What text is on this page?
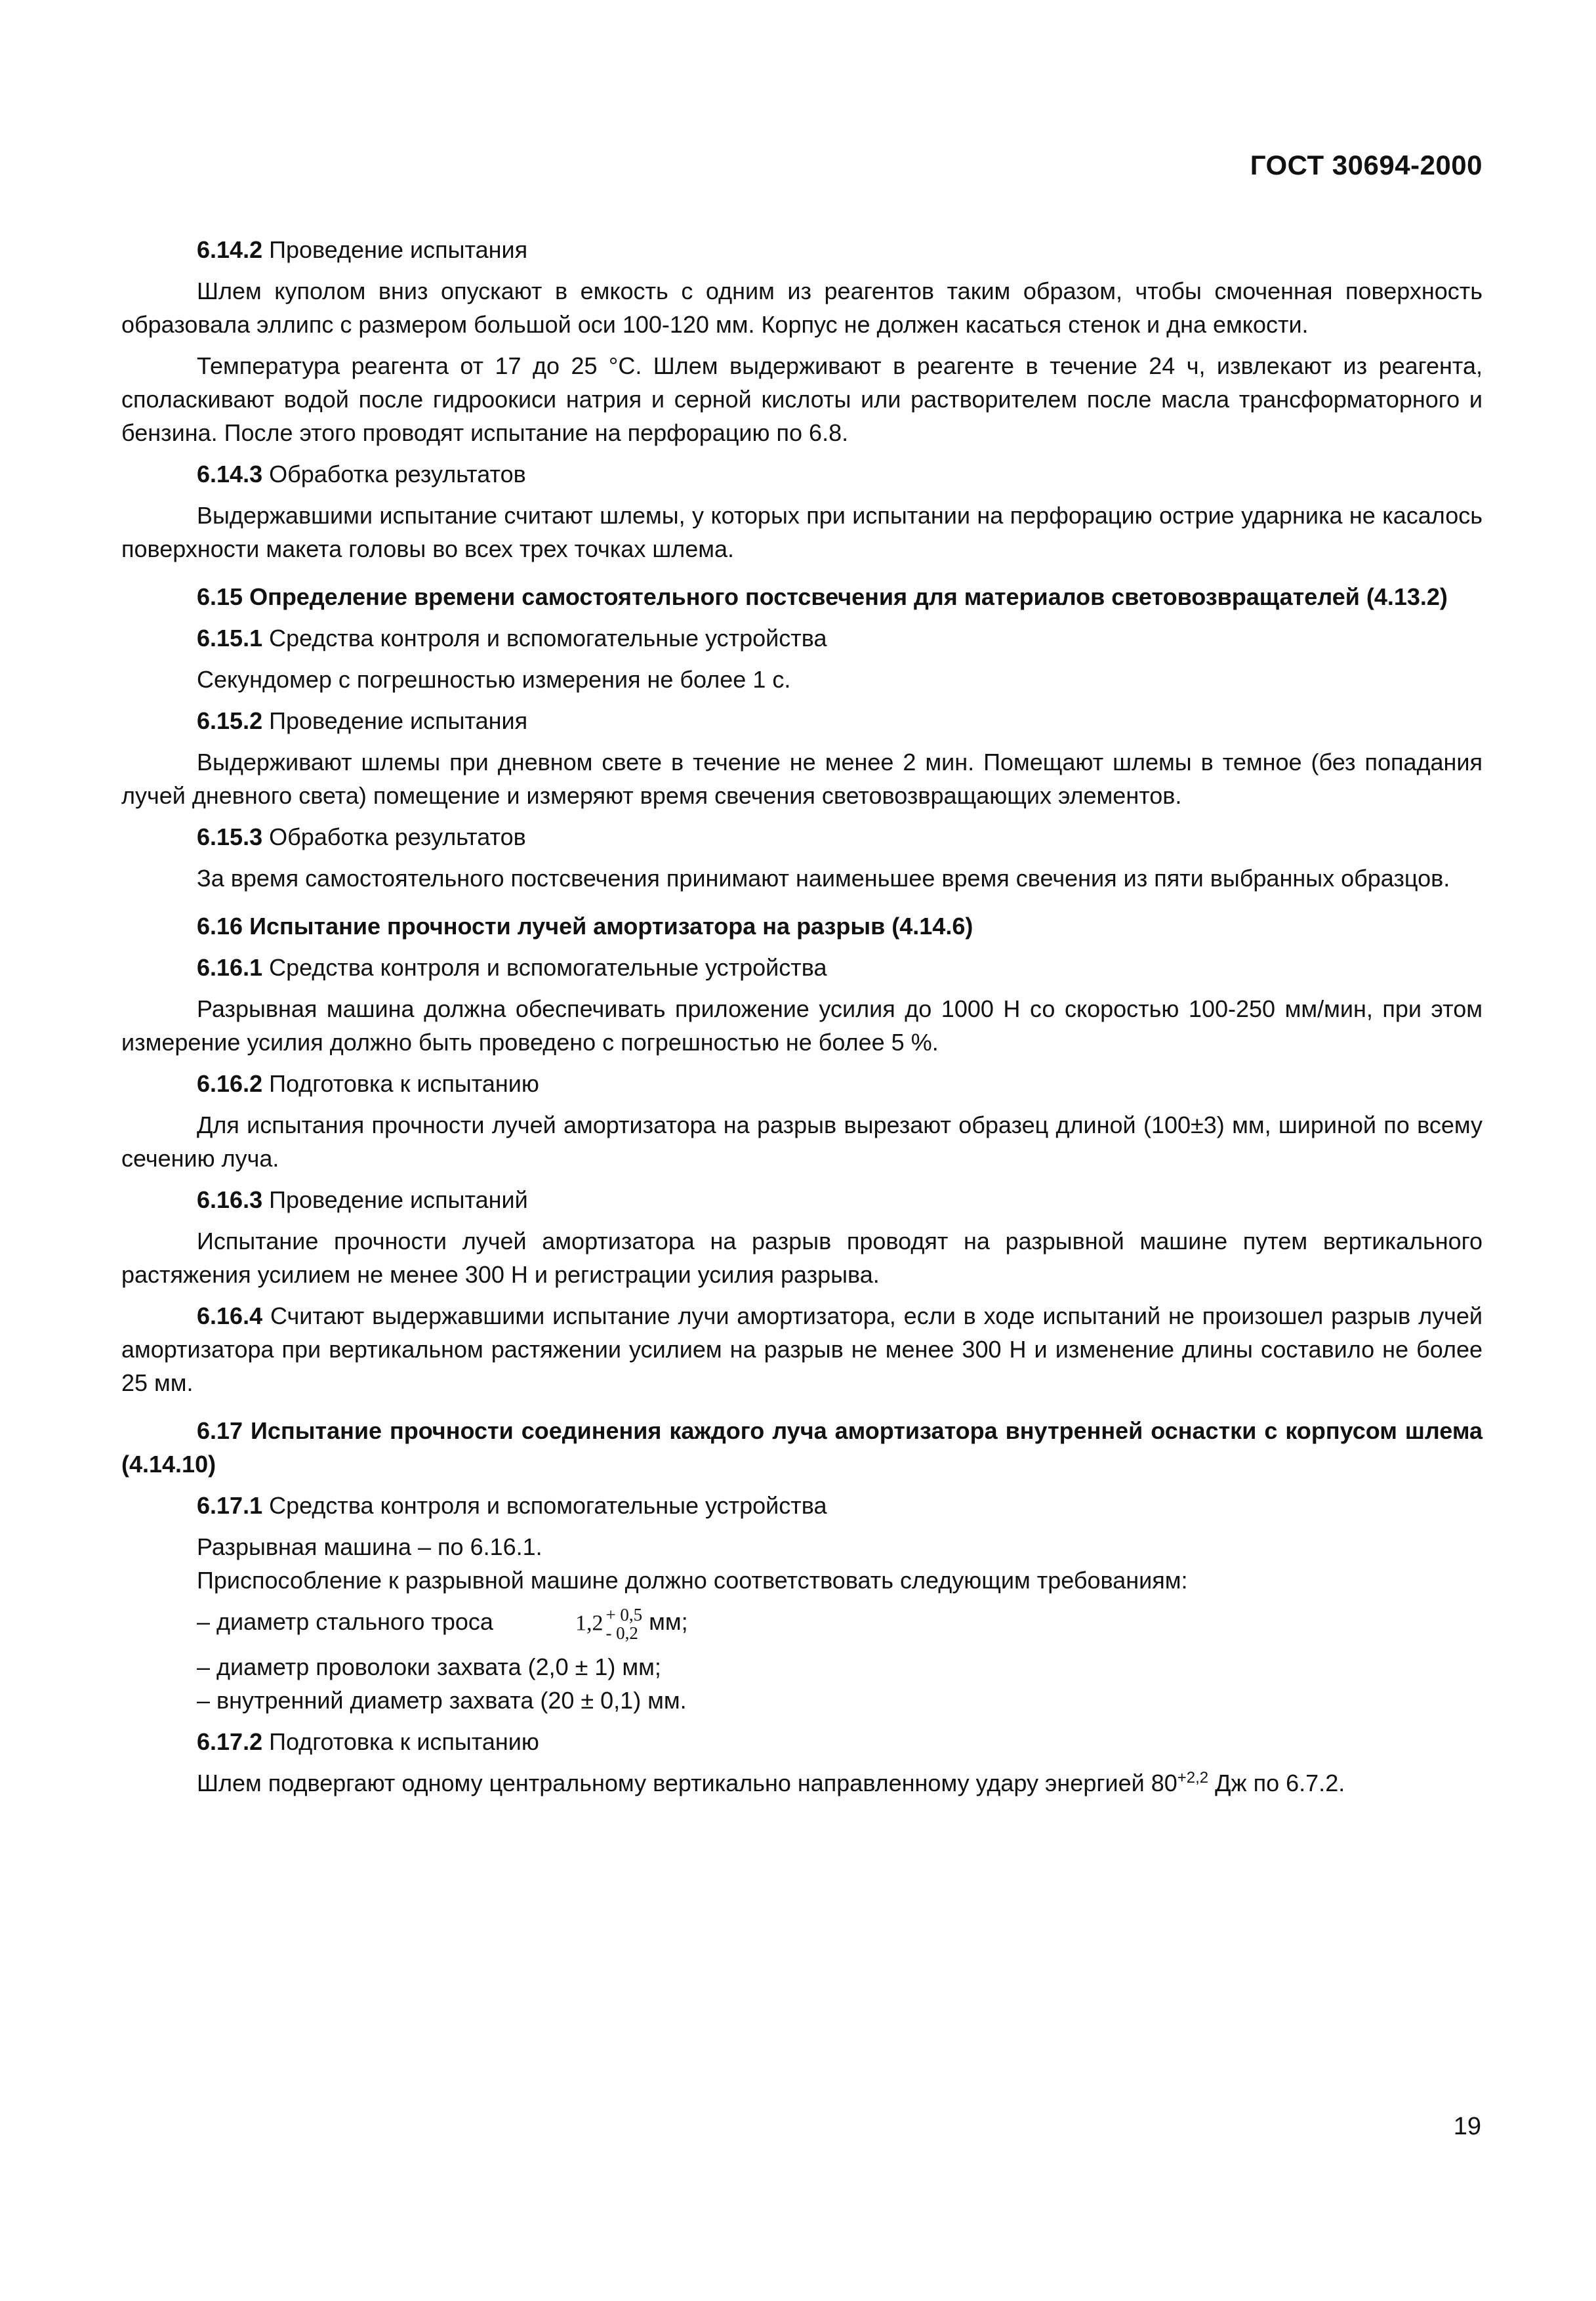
ГОСТ 30694-2000

6.14.2 Проведение испытания

Шлем куполом вниз опускают в емкость с одним из реагентов таким образом, чтобы смоченная поверхность образовала эллипс с размером большой оси 100-120 мм. Корпус не должен касаться стенок и дна емкости.

Температура реагента от 17 до 25 °С. Шлем выдерживают в реагенте в течение 24 ч, извлекают из реагента, споласкивают водой после гидроокиси натрия и серной кислоты или растворителем после масла трансформаторного и бензина. После этого проводят испытание на перфорацию по 6.8.

6.14.3 Обработка результатов

Выдержавшими испытание считают шлемы, у которых при испытании на перфорацию острие ударника не касалось поверхности макета головы во всех трех точках шлема.

6.15 Определение времени самостоятельного постсвечения для материалов световозвращателей (4.13.2)

6.15.1 Средства контроля и вспомогательные устройства

Секундомер с погрешностью измерения не более 1 с.

6.15.2 Проведение испытания

Выдерживают шлемы при дневном свете в течение не менее 2 мин. Помещают шлемы в темное (без попадания лучей дневного света) помещение и измеряют время свечения световозвращающих элементов.

6.15.3 Обработка результатов

За время самостоятельного постсвечения принимают наименьшее время свечения из пяти выбранных образцов.

6.16 Испытание прочности лучей амортизатора на разрыв (4.14.6)

6.16.1 Средства контроля и вспомогательные устройства

Разрывная машина должна обеспечивать приложение усилия до 1000 Н со скоростью 100-250 мм/мин, при этом измерение усилия должно быть проведено с погрешностью не более 5 %.

6.16.2 Подготовка к испытанию

Для испытания прочности лучей амортизатора на разрыв вырезают образец длиной (100±3) мм, шириной по всему сечению луча.

6.16.3 Проведение испытаний

Испытание прочности лучей амортизатора на разрыв проводят на разрывной машине путем вертикального растяжения усилием не менее 300 Н и регистрации усилия разрыва.

6.16.4 Считают выдержавшими испытание лучи амортизатора, если в ходе испытаний не произошел разрыв лучей амортизатора при вертикальном растяжении усилием на разрыв не менее 300 Н и изменение длины составило не более 25 мм.

6.17 Испытание прочности соединения каждого луча амортизатора внутренней оснастки с корпусом шлема (4.14.10)

6.17.1 Средства контроля и вспомогательные устройства

Разрывная машина – по 6.16.1.

Приспособление к разрывной машине должно соответствовать следующим требованиям:

– диаметр стального троса	1,2 + 0,5
- 0,2 мм;

– диаметр проволоки захвата (2,0 ± 1) мм;

– внутренний диаметр захвата (20 ± 0,1) мм.

6.17.2 Подготовка к испытанию

Шлем подвергают одному центральному вертикально направленному удару энергией $80^{+2,2}$ Дж по 6.7.2.

19
